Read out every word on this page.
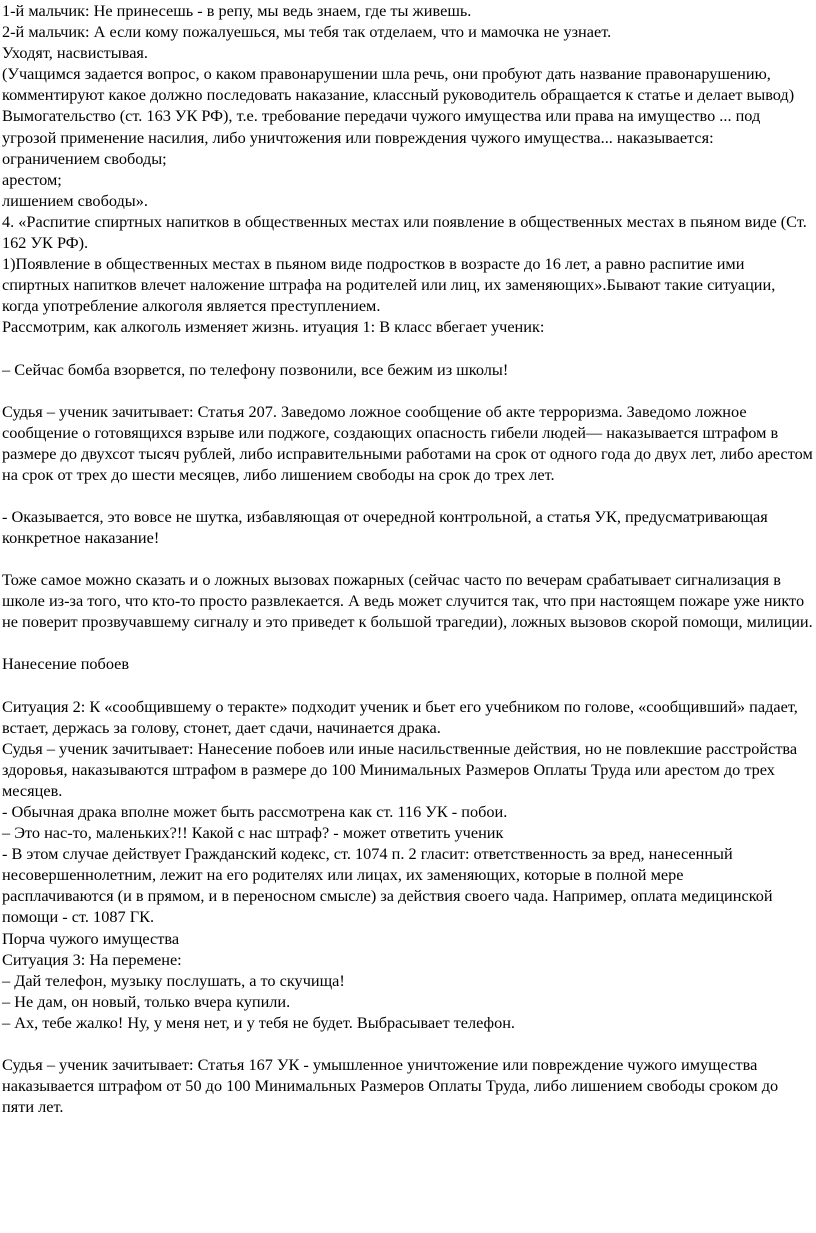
1-й мальчик: Не принесешь - в репу, мы ведь знаем, где ты живешь.

2-й мальчик: А если кому пожалуешься, мы тебя так отделаем, что и мамочка не узнает.

Уходят, насвистывая.

(Учащимся задается вопрос, о каком правонарушении шла речь, они пробуют дать название правонарушению, комментируют какое должно последовать наказание, классный руководитель обращается к статье и делает вывод)

Вымогательство (ст. 163 УК РФ), т.е. требование передачи чужого имущества или права на имущество ... под угрозой применение насилия, либо уничтожения или повреждения чужого имущества... наказывается:

ограничением свободы;

арестом;

лишением свободы».

4. «Распитие спиртных напитков в общественных местах или появление в общественных местах в пьяном виде (Ст. 162 УК РФ).

1)Появление в общественных местах в пьяном виде подростков в возрасте до 16 лет, а равно распитие ими спиртных напитков влечет наложение штрафа на родителей или лиц, их заменяющих».Бывают такие ситуации, когда употребление алкоголя является преступлением.

Рассмотрим, как алкоголь изменяет жизнь. итуация 1: В класс вбегает ученик:

– Сейчас бомба взорвется, по телефону позвонили, все бежим из школы!

Судья – ученик зачитывает: Статья 207. Заведомо ложное сообщение об акте терроризма. Заведомо ложное сообщение о готовящихся взрыве или поджоге, создающих опасность гибели людей— наказывается штрафом в размере до двухсот тысяч рублей, либо исправительными работами на срок от одного года до двух лет, либо арестом на срок от трех до шести месяцев, либо лишением свободы на срок до трех лет.

- Оказывается, это вовсе не шутка, избавляющая от очередной контрольной, а статья УК, предусматривающая конкретное наказание!

Тоже самое можно сказать и о ложных вызовах пожарных (сейчас часто по вечерам срабатывает сигнализация в школе из-за того, что кто-то просто развлекается. А ведь может случится так, что при настоящем пожаре уже никто не поверит прозвучавшему сигналу и это приведет к большой трагедии), ложных вызовов скорой помощи, милиции.

Нанесение побоев

Ситуация 2: К «сообщившему о теракте» подходит ученик и бьет его учебником по голове, «сообщивший» падает, встает, держась за голову, стонет, дает сдачи, начинается драка.

Судья – ученик зачитывает: Нанесение побоев или иные насильственные действия, но не повлекшие расстройства здоровья, наказываются штрафом в размере до 100 Минимальных Размеров Оплаты Труда или арестом до трех месяцев.

- Обычная драка вполне может быть рассмотрена как ст. 116 УК - побои.

– Это нас-то, маленьких?!! Какой с нас штраф? - может ответить ученик

- В этом случае действует Гражданский кодекс, ст. 1074 п. 2 гласит: ответственность за вред, нанесенный несовершеннолетним, лежит на его родителях или лицах, их заменяющих, которые в полной мере

расплачиваются (и в прямом, и в переносном смысле) за действия своего чада. Например, оплата медицинской помощи - ст. 1087 ГК.

Порча чужого имущества

Ситуация 3: На перемене:

– Дай телефон, музыку послушать, а то скучища!

– Не дам, он новый, только вчера купили.

– Ах, тебе жалко! Ну, у меня нет, и у тебя не будет. Выбрасывает телефон.

Судья – ученик зачитывает: Статья 167 УК - умышленное уничтожение или повреждение чужого имущества наказывается штрафом от 50 до 100 Минимальных Размеров Оплаты Труда, либо лишением свободы сроком до пяти лет.
